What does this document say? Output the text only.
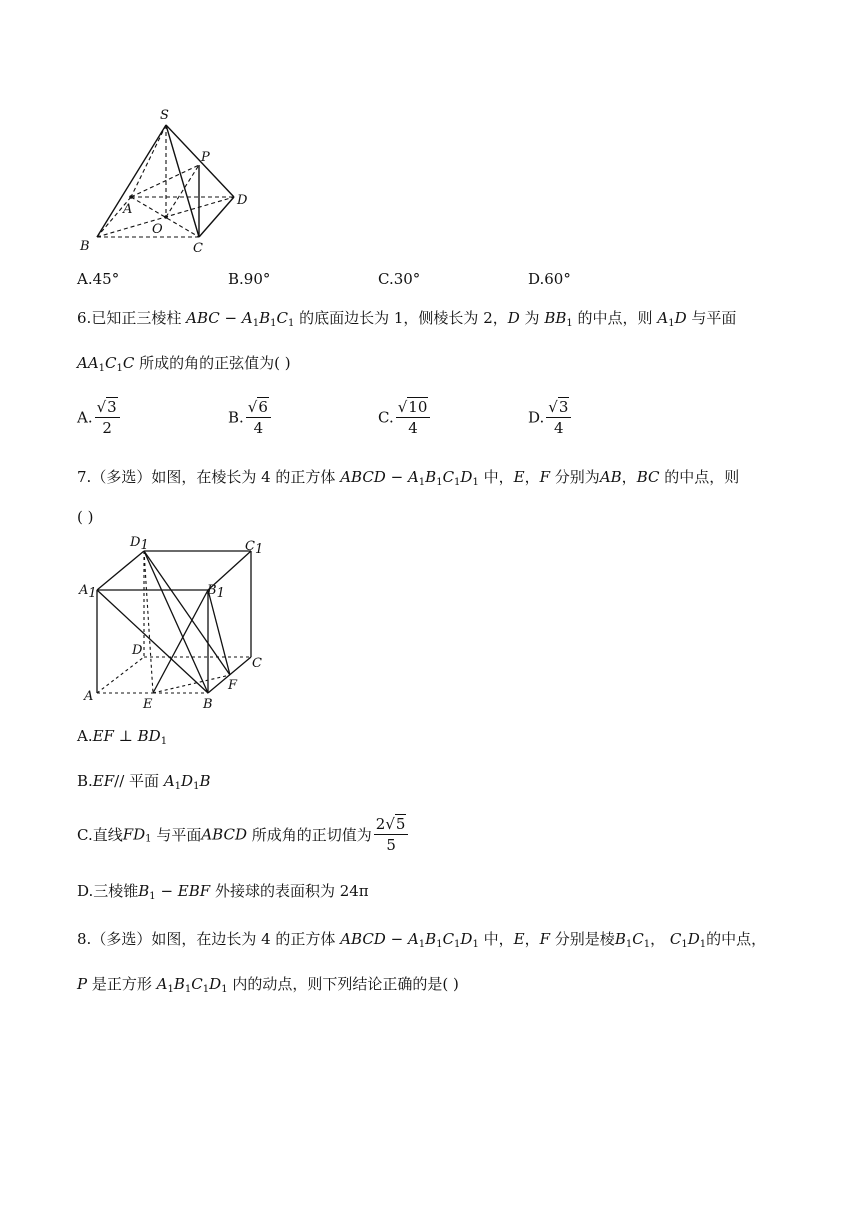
S
P
A
D
O
B	C
A.45°	B.90°	C.30°	D.60°
6.已知正三棱柱 ABC − $A_1B_1C_1$ 的底面边长为 1，侧棱长为 2，D 为 $BB_1$ 的中点，则 $A_1D$ 与平面
$AA_1C_1C$ 所成的角的正弦值为( )
A. $\frac{√3}{2}$	B. $\frac{√6}{4}$	C. $\frac{√10}{4}$	D. $\frac{√3}{4}$
7.（多选）如图，在棱长为 4 的正方体 ABCD − $A_1B_1C_1D_1$ 中，E，F 分别为AB，BC 的中点，则
( )
D1	C1
A1	B1
D
C
F
A
E	B
A.EF ⊥ $BD_1$
B.EF// 平面 $A_1D_1B$
C.直线$FD_1$ 与平面ABCD 所成角的正切值为 $\frac{2√5}{5}$
D.三棱锥$B_1$ − EBF 外接球的表面积为 24π
8.（多选）如图，在边长为 4 的正方体 ABCD − $A_1B_1C_1D_1$ 中，E，F 分别是棱$B_1C_1$， $C_1D_1$的中点，
P 是正方形 $A_1B_1C_1D_1$ 内的动点，则下列结论正确的是( )
